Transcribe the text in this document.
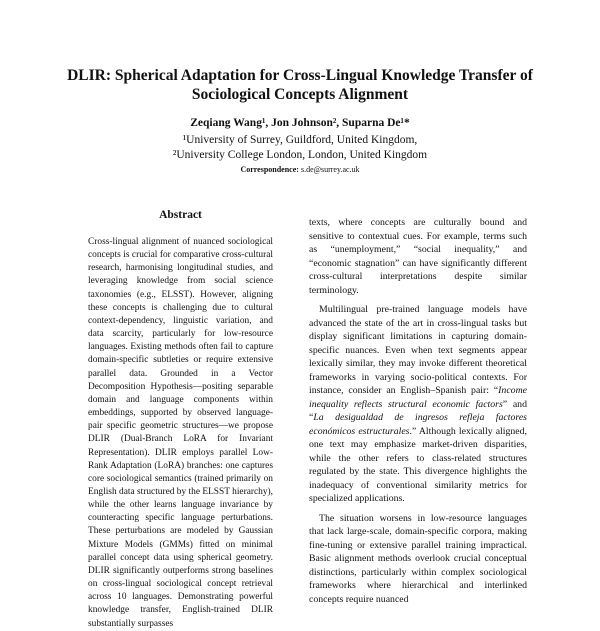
DLIR: Spherical Adaptation for Cross-Lingual Knowledge Transfer of
Sociological Concepts Alignment
Zeqiang Wang¹, Jon Johnson², Suparna De¹*
¹University of Surrey, Guildford, United Kingdom,
²University College London, London, United Kingdom
Correspondence: s.de@surrey.ac.uk
Abstract

Cross-lingual alignment of nuanced sociological concepts is crucial for comparative cross-cultural research, harmonising longitudinal studies, and leveraging knowledge from social science taxonomies (e.g., ELSST). However, aligning these concepts is challenging due to cultural context-dependency, linguistic variation, and data scarcity, particularly for low-resource languages. Existing methods often fail to capture domain-specific subtleties or require extensive parallel data. Grounded in a Vector Decomposition Hypothesis—positing separable domain and language components within embeddings, supported by observed language-pair specific geometric structures—we propose DLIR (Dual-Branch LoRA for Invariant Representation). DLIR employs parallel Low-Rank Adaptation (LoRA) branches: one captures core sociological semantics (trained primarily on English data structured by the ELSST hierarchy), while the other learns language invariance by counteracting specific language perturbations. These perturbations are modeled by Gaussian Mixture Models (GMMs) fitted on minimal parallel concept data using spherical geometry. DLIR significantly outperforms strong baselines on cross-lingual sociological concept retrieval across 10 languages. Demonstrating powerful knowledge transfer, English-trained DLIR substantially surpasses

texts, where concepts are culturally bound and sensitive to contextual cues. For example, terms such as “unemployment,” “social inequality,” and “economic stagnation” can have significantly different cross-cultural interpretations despite similar terminology.

Multilingual pre-trained language models have advanced the state of the art in cross-lingual tasks but display significant limitations in capturing domain-specific nuances. Even when text segments appear lexically similar, they may invoke different theoretical frameworks in varying socio-political contexts. For instance, consider an English–Spanish pair: “Income inequality reflects structural economic factors” and “La desigualdad de ingresos refleja factores económicos estructurales.” Although lexically aligned, one text may emphasize market-driven disparities, while the other refers to class-related structures regulated by the state. This divergence highlights the inadequacy of conventional similarity metrics for specialized applications.

The situation worsens in low-resource languages that lack large-scale, domain-specific corpora, making fine-tuning or extensive parallel training impractical. Basic alignment methods overlook crucial conceptual distinctions, particularly within complex sociological frameworks where hierarchical and interlinked concepts require nuanced
